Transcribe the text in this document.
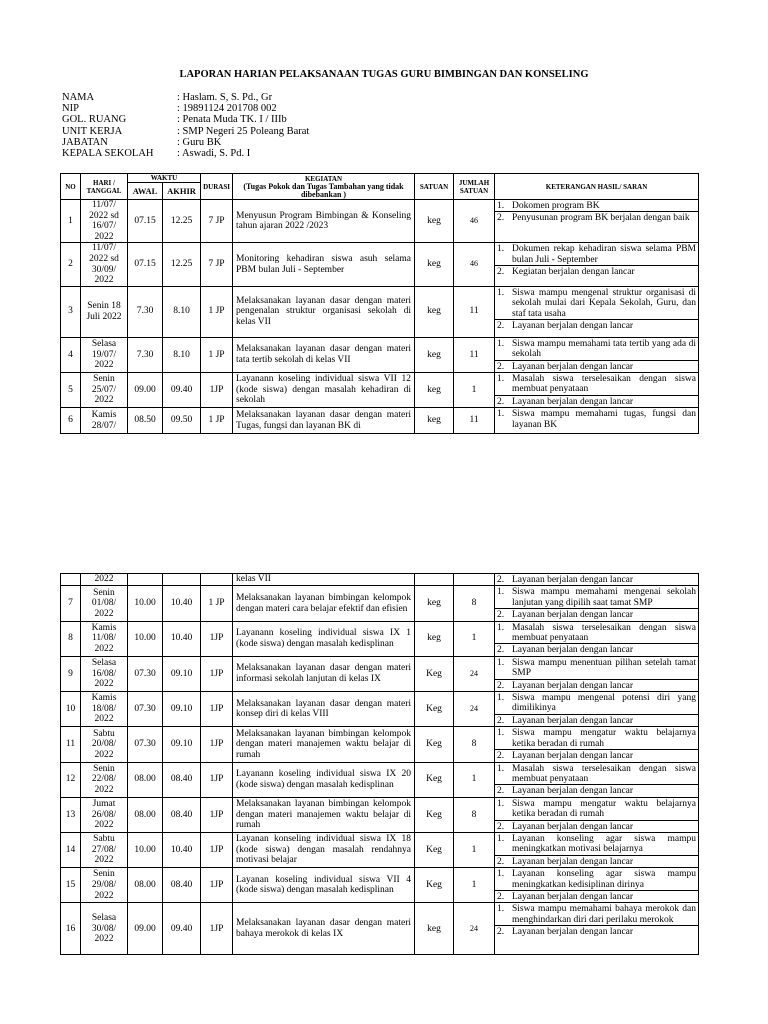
LAPORAN HARIAN PELAKSANAAN TUGAS GURU BIMBINGAN DAN KONSELING
NAMA	: Haslam. S, S. Pd., Gr
NIP	: 19891124 201708 002
GOL. RUANG	: Penata Muda TK. I / IIIb
UNIT KERJA	: SMP Negeri 25 Poleang Barat
JABATAN	: Guru BK
KEPALA SEKOLAH	: Aswadi, S. Pd. I
NO	HARI / TANGGAL	WAKTU		DURASI	KEGIATAN
(Tugas Pokok dan Tugas Tambahan yang tidak dibebankan )	SATUAN	JUMLAH SATUAN	KETERANGAN HASIL/ SARAN
		AWAL	AKHIR					
1	11/07/ 2022 sd 16/07/ 2022	07.15	12.25	7 JP	Menyusun Program Bimbingan & Konseling tahun ajaran 2022 /2023	keg	46	1. Dokomen program BK
2. Penyusunan program BK berjalan dengan baik

2	11/07/ 2022 sd 30/09/ 2022	07.15	12.25	7 JP	Monitoring kehadiran siswa asuh selama PBM bulan Juli - September	keg	46	1. Dokumen rekap kehadiran siswa selama PBM bulan Juli - September
2. Kegiatan berjalan dengan lancar

3	Senin 18 Juli 2022	7.30	8.10	1 JP	Melaksanakan layanan dasar dengan materi pengenalan struktur organisasi sekolah di kelas VII	keg	11	1. Siswa mampu mengenal struktur organisasi di sekolah mulai dari Kepala Sekolah, Guru, dan staf tata usaha
2. Layanan berjalan dengan lancar

4	Selasa 19/07/ 2022	7.30	8.10	1 JP	Melaksanakan layanan dasar dengan materi tata tertib sekolah di kelas VII	keg	11	1. Siswa mampu memahami tata tertib yang ada di sekolah
2. Layanan berjalan dengan lancar

5	Senin 25/07/ 2022	09.00	09.40	1JP	Layanann koseling individual siswa VII 12 (kode siswa) dengan masalah kehadiran di sekolah	keg	1	1. Masalah siswa terselesaikan dengan siswa membuat penyataan
2. Layanan berjalan dengan lancar

6	Kamis 28/07/	08.50	09.50	1 JP	Melaksanakan layanan dasar dengan materi Tugas, fungsi dan layanan BK di	keg	11	1. Siswa mampu memahami tugas, fungsi dan layanan BK
	2022				kelas VII			2. Layanan berjalan dengan lancar

7	Senin 01/08/ 2022	10.00	10.40	1 JP	Melaksanakan layanan bimbingan kelompok dengan materi cara belajar efektif dan efisien	keg	8	1. Siswa mampu memahami mengenai sekolah lanjutan yang dipilih saat tamat SMP
2. Layanan berjalan dengan lancar

8	Kamis 11/08/ 2022	10.00	10.40	1JP	Layanann koseling individual siswa IX 1 (kode siswa) dengan masalah kedisplinan	keg	1	1. Masalah siswa terselesaikan dengan siswa membuat penyataan
2. Layanan berjalan dengan lancar

9	Selasa 16/08/ 2022	07.30	09.10	1JP	Melaksanakan layanan dasar dengan materi informasi sekolah lanjutan di kelas IX	Keg	24	1. Siswa mampu menentuan pilihan setelah tamat SMP
2. Layanan berjalan dengan lancar

10	Kamis 18/08/ 2022	07.30	09.10	1JP	Melaksanakan layanan dasar dengan materi konsep diri di kelas VIII	Keg	24	1. Siswa mampu mengenal potensi diri yang dimilikinya
2. Layanan berjalan dengan lancar

11	Sabtu 20/08/ 2022	07.30	09.10	1JP	Melaksanakan layanan bimbingan kelompok dengan materi manajemen waktu belajar di rumah	Keg	8	1. Siswa mampu mengatur waktu belajarnya ketika beradan di rumah
2. Layanan berjalan dengan lancar

12	Senin 22/08/ 2022	08.00	08.40	1JP	Layanann koseling individual siswa IX 20 (kode siswa) dengan masalah kedisplinan	Keg	1	1. Masalah siswa terselesaikan dengan siswa membuat penyataan
2. Layanan berjalan dengan lancar

13	Jumat 26/08/ 2022	08.00	08.40	1JP	Melaksanakan layanan bimbingan kelompok dengan materi manajemen waktu belajar di rumah	Keg	8	1. Siswa mampu mengatur waktu belajarnya ketika beradan di rumah
2. Layanan berjalan dengan lancar

14	Sabtu 27/08/ 2022	10.00	10.40	1JP	Layanan konseling individual siswa IX 18 (kode siswa) dengan masalah rendahnya motivasi belajar	Keg	1	1. Layanan konseling agar siswa mampu meningkatkan motivasi belajarnya
2. Layanan berjalan dengan lancar

15	Senin 29/08/ 2022	08.00	08.40	1JP	Layanan koseling individual siswa VII 4 (kode siswa) dengan masalah kedisplinan	Keg	1	1. Layanan konseling agar siswa mampu meningkatkan kedisiplinan dirinya
2. Layanan berjalan dengan lancar

16	Selasa 30/08/ 2022	09.00	09.40	1JP	Melaksanakan layanan dasar dengan materi bahaya merokok di kelas IX	keg	24	1. Siswa mampu memahami bahaya merokok dan menghindarkan diri dari perilaku merokok
2. Layanan berjalan dengan lancar
